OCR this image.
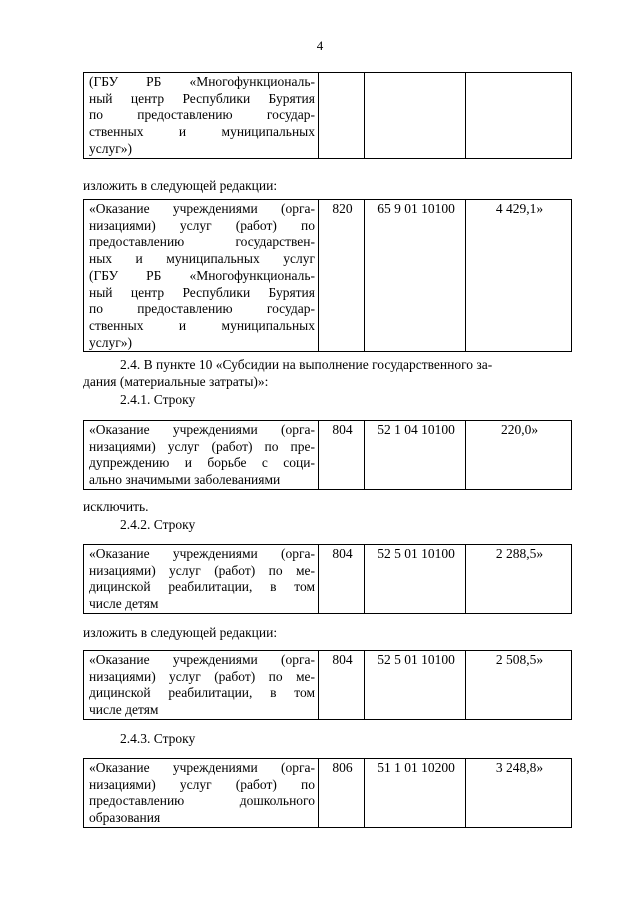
4
(ГБУ РБ «Многофункциональ-
ный центр Республики Бурятия
по предоставлению государ-
ственных и муниципальных
услуг»)

изложить в следующей редакции:
«Оказание учреждениями (орга-
низациями) услуг (работ) по
предоставлению государствен-
ных и муниципальных услуг
(ГБУ РБ «Многофункциональ-
ный центр Республики Бурятия
по предоставлению государ-
ственных и муниципальных
услуг»)
	820	65 9 01 10100	4 429,1»
2.4. В пункте 10 «Субсидии на выполнение государственного за-
дания (материальные затраты)»:
2.4.1. Строку
«Оказание учреждениями (орга-
низациями) услуг (работ) по пре-
дупреждению и борьбе с соци-
ально значимыми заболеваниями
	804	52 1 04 10100	220,0»
исключить.
2.4.2. Строку
«Оказание учреждениями (орга-
низациями) услуг (работ) по ме-
дицинской реабилитации, в том
числе детям
	804	52 5 01 10100	2 288,5»
изложить в следующей редакции:
«Оказание учреждениями (орга-
низациями) услуг (работ) по ме-
дицинской реабилитации, в том
числе детям
	804	52 5 01 10100	2 508,5»
2.4.3. Строку
«Оказание учреждениями (орга-
низациями) услуг (работ) по
предоставлению дошкольного
образования
	806	51 1 01 10200	3 248,8»
